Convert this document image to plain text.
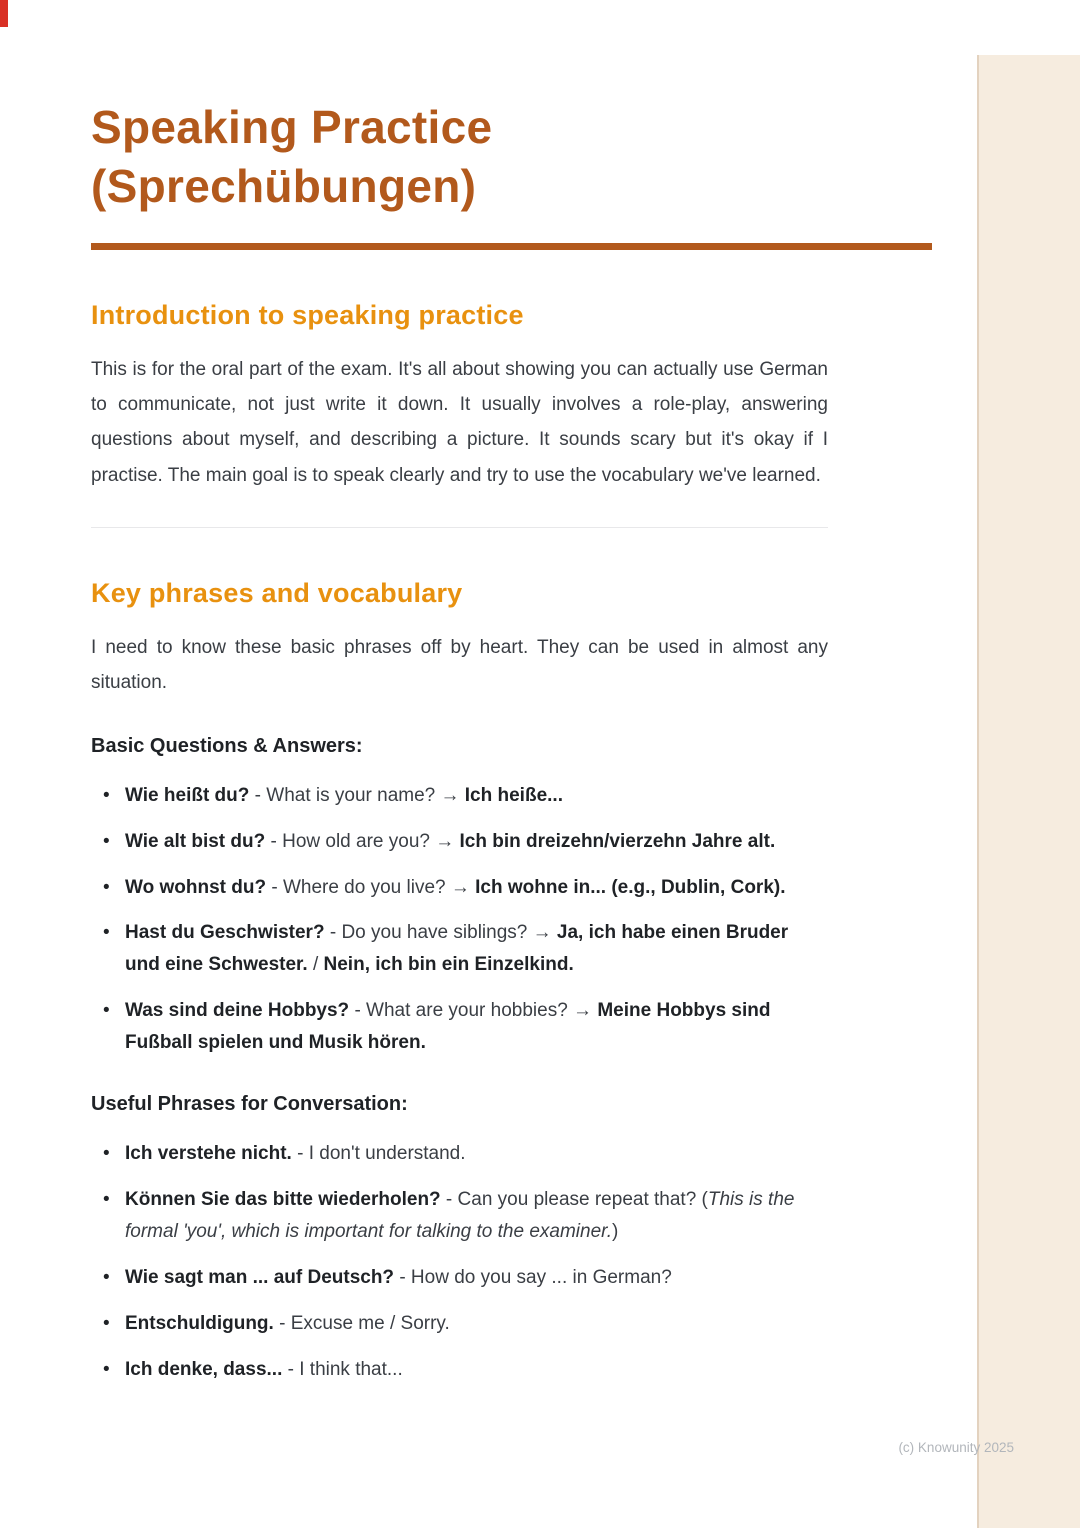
Speaking Practice
(Sprechübungen)
Introduction to speaking practice

This is for the oral part of the exam. It's all about showing you can actually use German to communicate, not just write it down. It usually involves a role-play, answering questions about myself, and describing a picture. It sounds scary but it's okay if I practise. The main goal is to speak clearly and try to use the vocabulary we've learned.

Key phrases and vocabulary

I need to know these basic phrases off by heart. They can be used in almost any situation.

Basic Questions & Answers:

• Wie heißt du? - What is your name? → Ich heiße...
• Wie alt bist du? - How old are you? → Ich bin dreizehn/vierzehn Jahre alt.
• Wo wohnst du? - Where do you live? → Ich wohne in... (e.g., Dublin, Cork).
• Hast du Geschwister? - Do you have siblings? → Ja, ich habe einen Bruder und eine Schwester. / Nein, ich bin ein Einzelkind.
• Was sind deine Hobbys? - What are your hobbies? → Meine Hobbys sind Fußball spielen und Musik hören.

Useful Phrases for Conversation:

• Ich verstehe nicht. - I don't understand.
• Können Sie das bitte wiederholen? - Can you please repeat that? (This is the formal 'you', which is important for talking to the examiner.)
• Wie sagt man ... auf Deutsch? - How do you say ... in German?
• Entschuldigung. - Excuse me / Sorry.
• Ich denke, dass... - I think that...
(c) Knowunity 2025
